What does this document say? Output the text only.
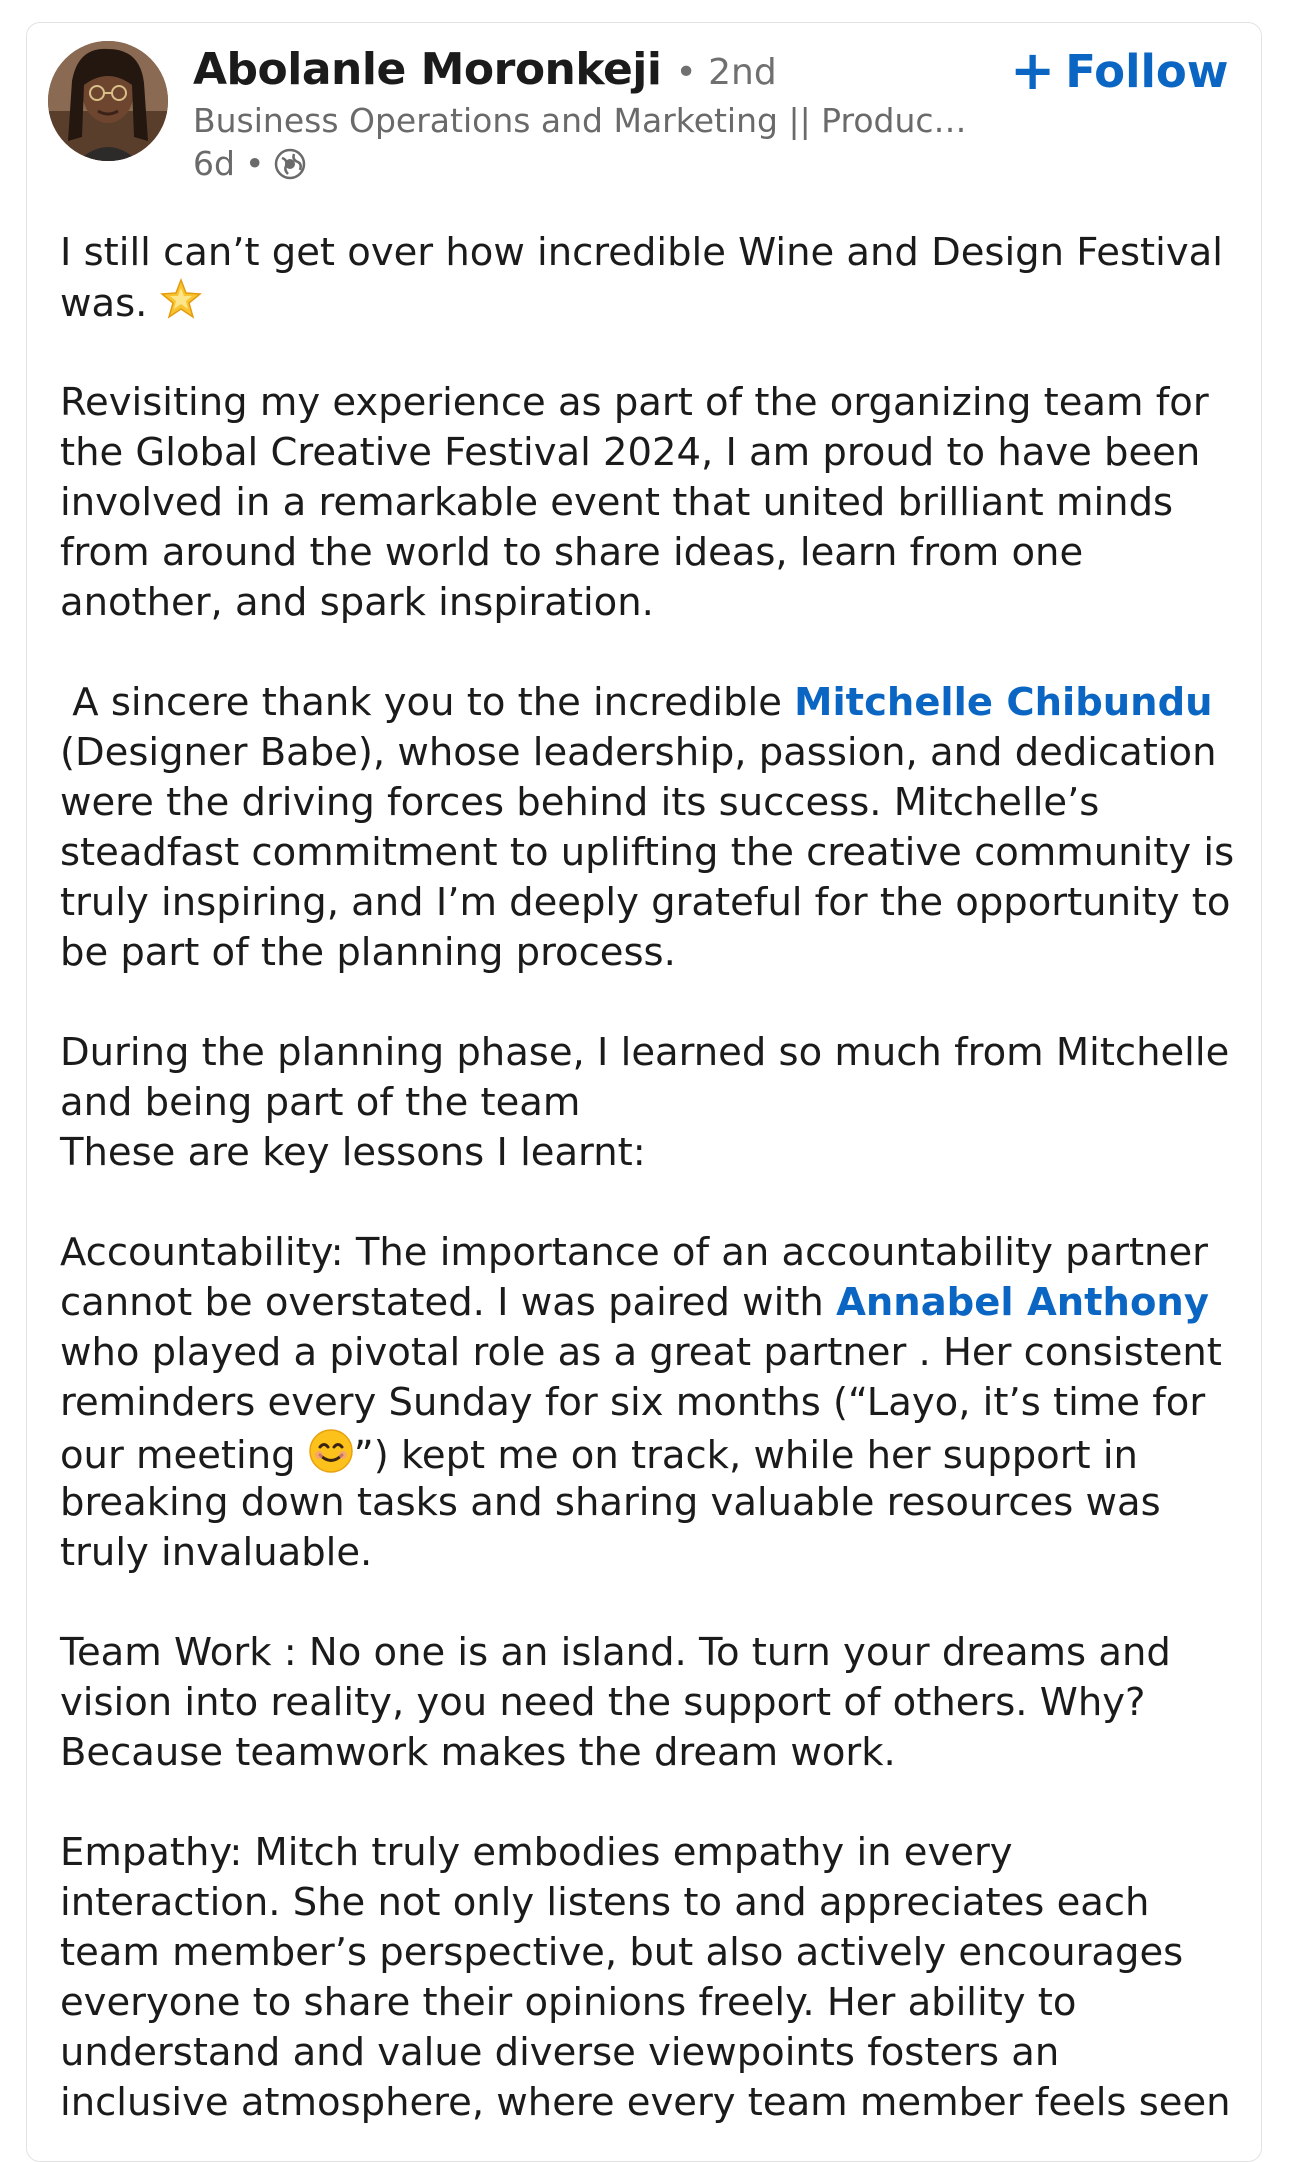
Abolanle Moronkeji • 2nd
Business Operations and Marketing || Produc…
6d •
+ Follow
I still can’t get over how incredible Wine and Design Festival
was.
Revisiting my experience as part of the organizing team for
the Global Creative Festival 2024, I am proud to have been
involved in a remarkable event that united brilliant minds
from around the world to share ideas, learn from one
another, and spark inspiration.
A sincere thank you to the incredible Mitchelle Chibundu
(Designer Babe), whose leadership, passion, and dedication
were the driving forces behind its success. Mitchelle’s
steadfast commitment to uplifting the creative community is
truly inspiring, and I’m deeply grateful for the opportunity to
be part of the planning process.
During the planning phase, I learned so much from Mitchelle
and being part of the team
These are key lessons I learnt:
Accountability: The importance of an accountability partner
cannot be overstated. I was paired with Annabel Anthony
who played a pivotal role as a great partner . Her consistent
reminders every Sunday for six months (“Layo, it’s time for
our meeting ”) kept me on track, while her support in
breaking down tasks and sharing valuable resources was
truly invaluable.
Team Work : No one is an island. To turn your dreams and
vision into reality, you need the support of others. Why?
Because teamwork makes the dream work.
Empathy: Mitch truly embodies empathy in every
interaction. She not only listens to and appreciates each
team member’s perspective, but also actively encourages
everyone to share their opinions freely. Her ability to
understand and value diverse viewpoints fosters an
inclusive atmosphere, where every team member feels seen
